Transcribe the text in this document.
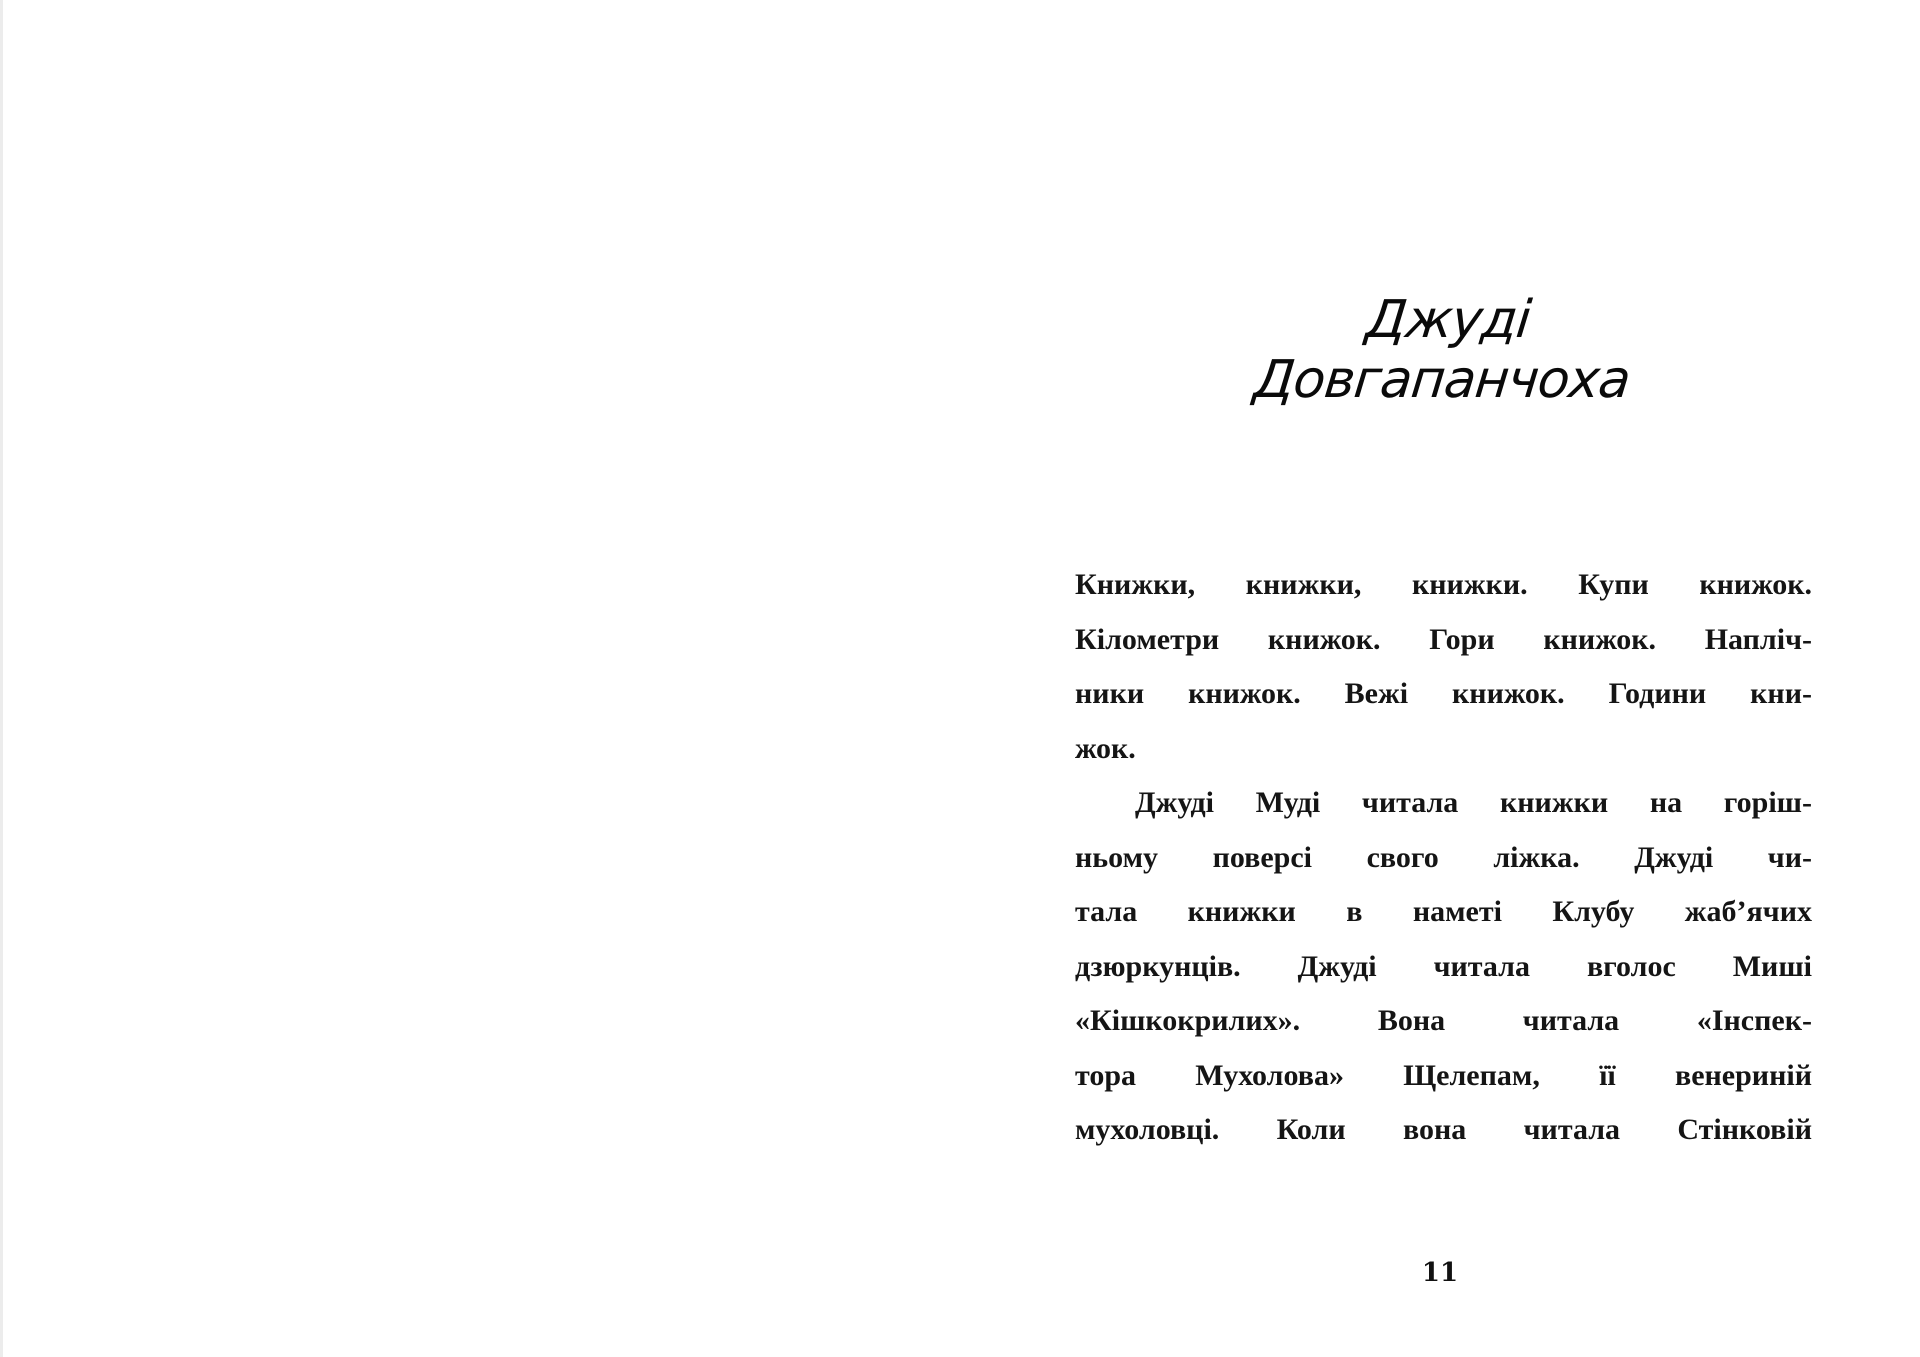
Джуді Довгапанчоха
Книжки, книжки, книжки. Купи книжок.
Кілометри книжок. Гори книжок. Напліч-
ники книжок. Вежі книжок. Години кни-
жок.
Джуді Муді читала книжки на горіш-
ньому поверсі свого ліжка. Джуді чи-
тала книжки в наметі Клубу жаб’ячих
дзюркунців. Джуді читала вголос Миші
«Кішкокрилих». Вона читала «Інспек-
тора Мухолова» Щелепам, її венериній
мухоловці. Коли вона читала Стінковій
11
